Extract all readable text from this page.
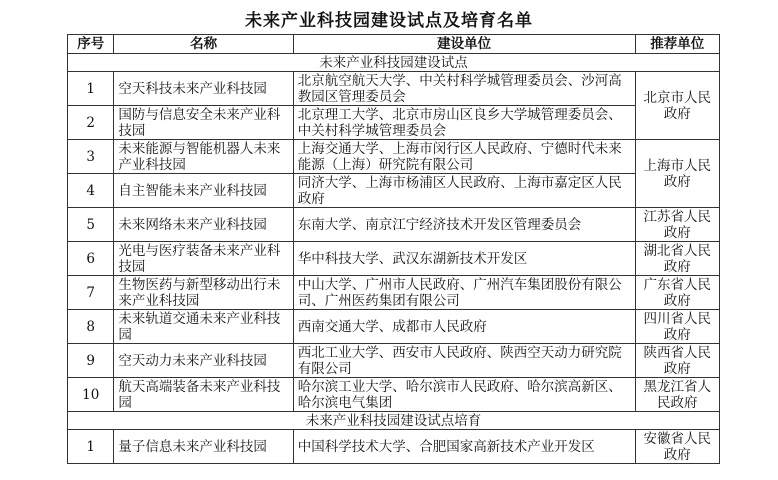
未来产业科技园建设试点及培育名单
序号	名称	建设单位	推荐单位
未来产业科技园建设试点			
1	空天科技未来产业科技园	北京航空航天大学、中关村科学城管理委员会、沙河高教园区管理委员会	北京市人民政府
2	国防与信息安全未来产业科技园	北京理工大学、北京市房山区良乡大学城管理委员会、中关村科学城管理委员会	
3	未来能源与智能机器人未来产业科技园	上海交通大学、上海市闵行区人民政府、宁德时代未来能源（上海）研究院有限公司	上海市人民政府
4	自主智能未来产业科技园	同济大学、上海市杨浦区人民政府、上海市嘉定区人民政府	
5	未来网络未来产业科技园	东南大学、南京江宁经济技术开发区管理委员会	江苏省人民政府
6	光电与医疗装备未来产业科技园	华中科技大学、武汉东湖新技术开发区	湖北省人民政府
7	生物医药与新型移动出行未来产业科技园	中山大学、广州市人民政府、广州汽车集团股份有限公司、广州医药集团有限公司	广东省人民政府
8	未来轨道交通未来产业科技园	西南交通大学、成都市人民政府	四川省人民政府
9	空天动力未来产业科技园	西北工业大学、西安市人民政府、陕西空天动力研究院有限公司	陕西省人民政府
10	航天高端装备未来产业科技园	哈尔滨工业大学、哈尔滨市人民政府、哈尔滨高新区、哈尔滨电气集团	黑龙江省人民政府
未来产业科技园建设试点培育			
1	量子信息未来产业科技园	中国科学技术大学、合肥国家高新技术产业开发区	安徽省人民政府
